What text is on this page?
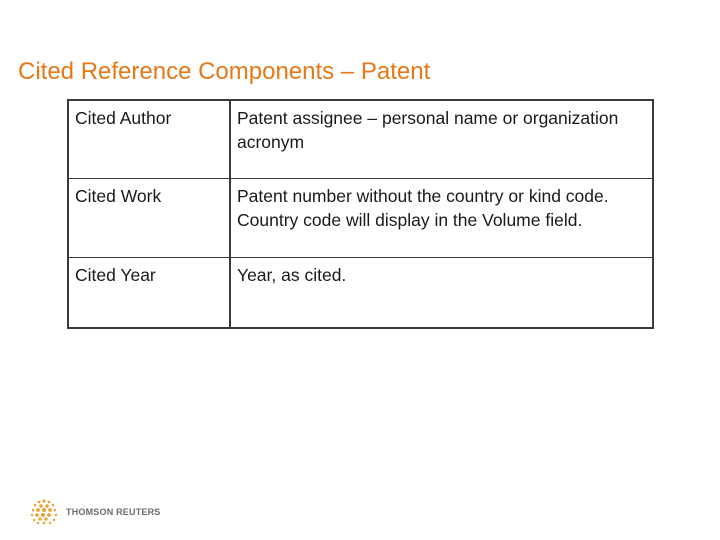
Cited Reference Components – Patent
Cited Author	Patent assignee – personal name or organization acronym
Cited Work	Patent number without the country or kind code. Country code will display in the Volume field.
Cited Year	Year, as cited.
THOMSON REUTERS
